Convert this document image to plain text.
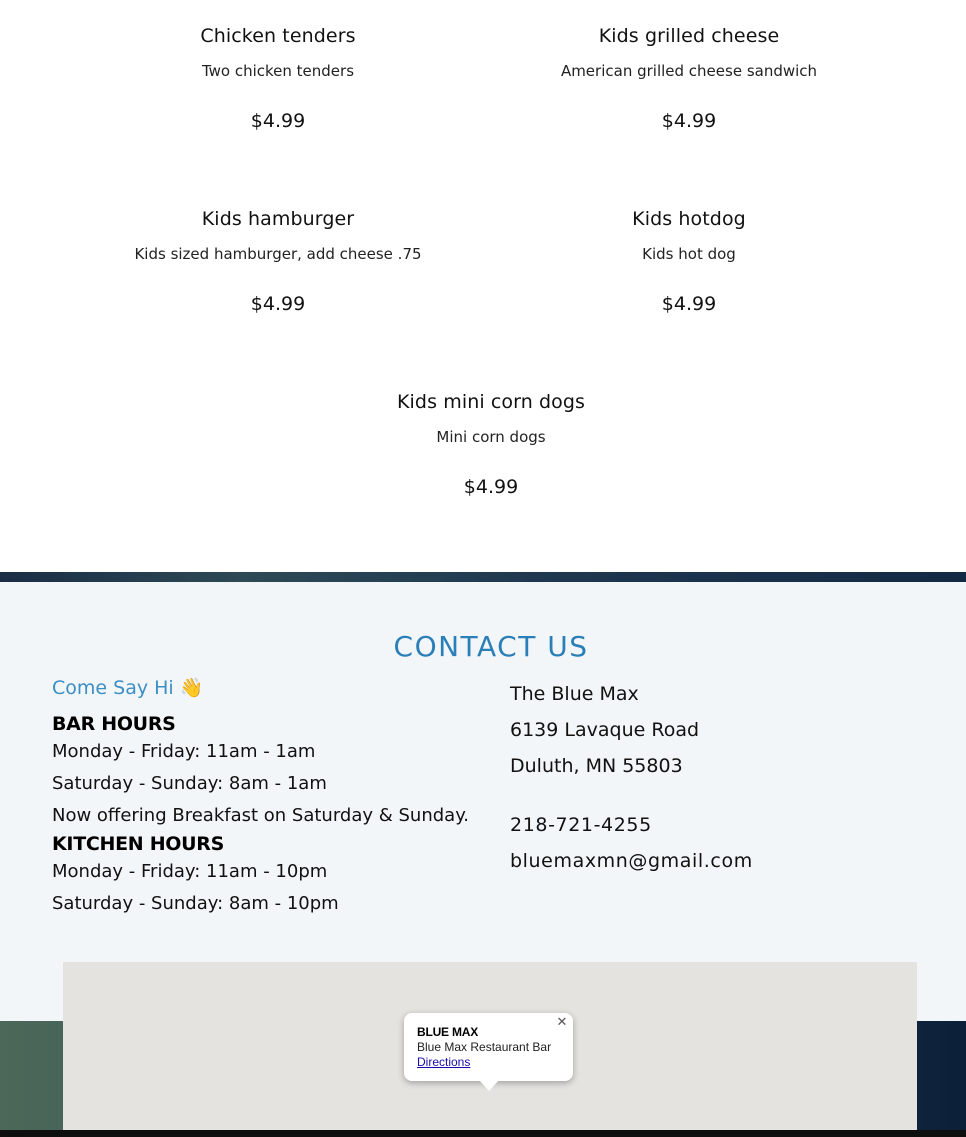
Chicken tenders
Two chicken tenders
$4.99
Kids grilled cheese
American grilled cheese sandwich
$4.99
Kids hamburger
Kids sized hamburger, add cheese .75
$4.99
Kids hotdog
Kids hot dog
$4.99
Kids mini corn dogs
Mini corn dogs
$4.99
CONTACT US
Come Say Hi 👋
BAR HOURS
Monday - Friday: 11am - 1am
Saturday - Sunday: 8am - 1am
Now offering Breakfast on Saturday & Sunday.
KITCHEN HOURS
Monday - Friday: 11am - 10pm
Saturday - Sunday: 8am - 10pm
The Blue Max
6139 Lavaque Road
Duluth, MN 55803
218-721-4255
bluemaxmn@gmail.com
✕
BLUE MAX
Blue Max Restaurant Bar
Directions
